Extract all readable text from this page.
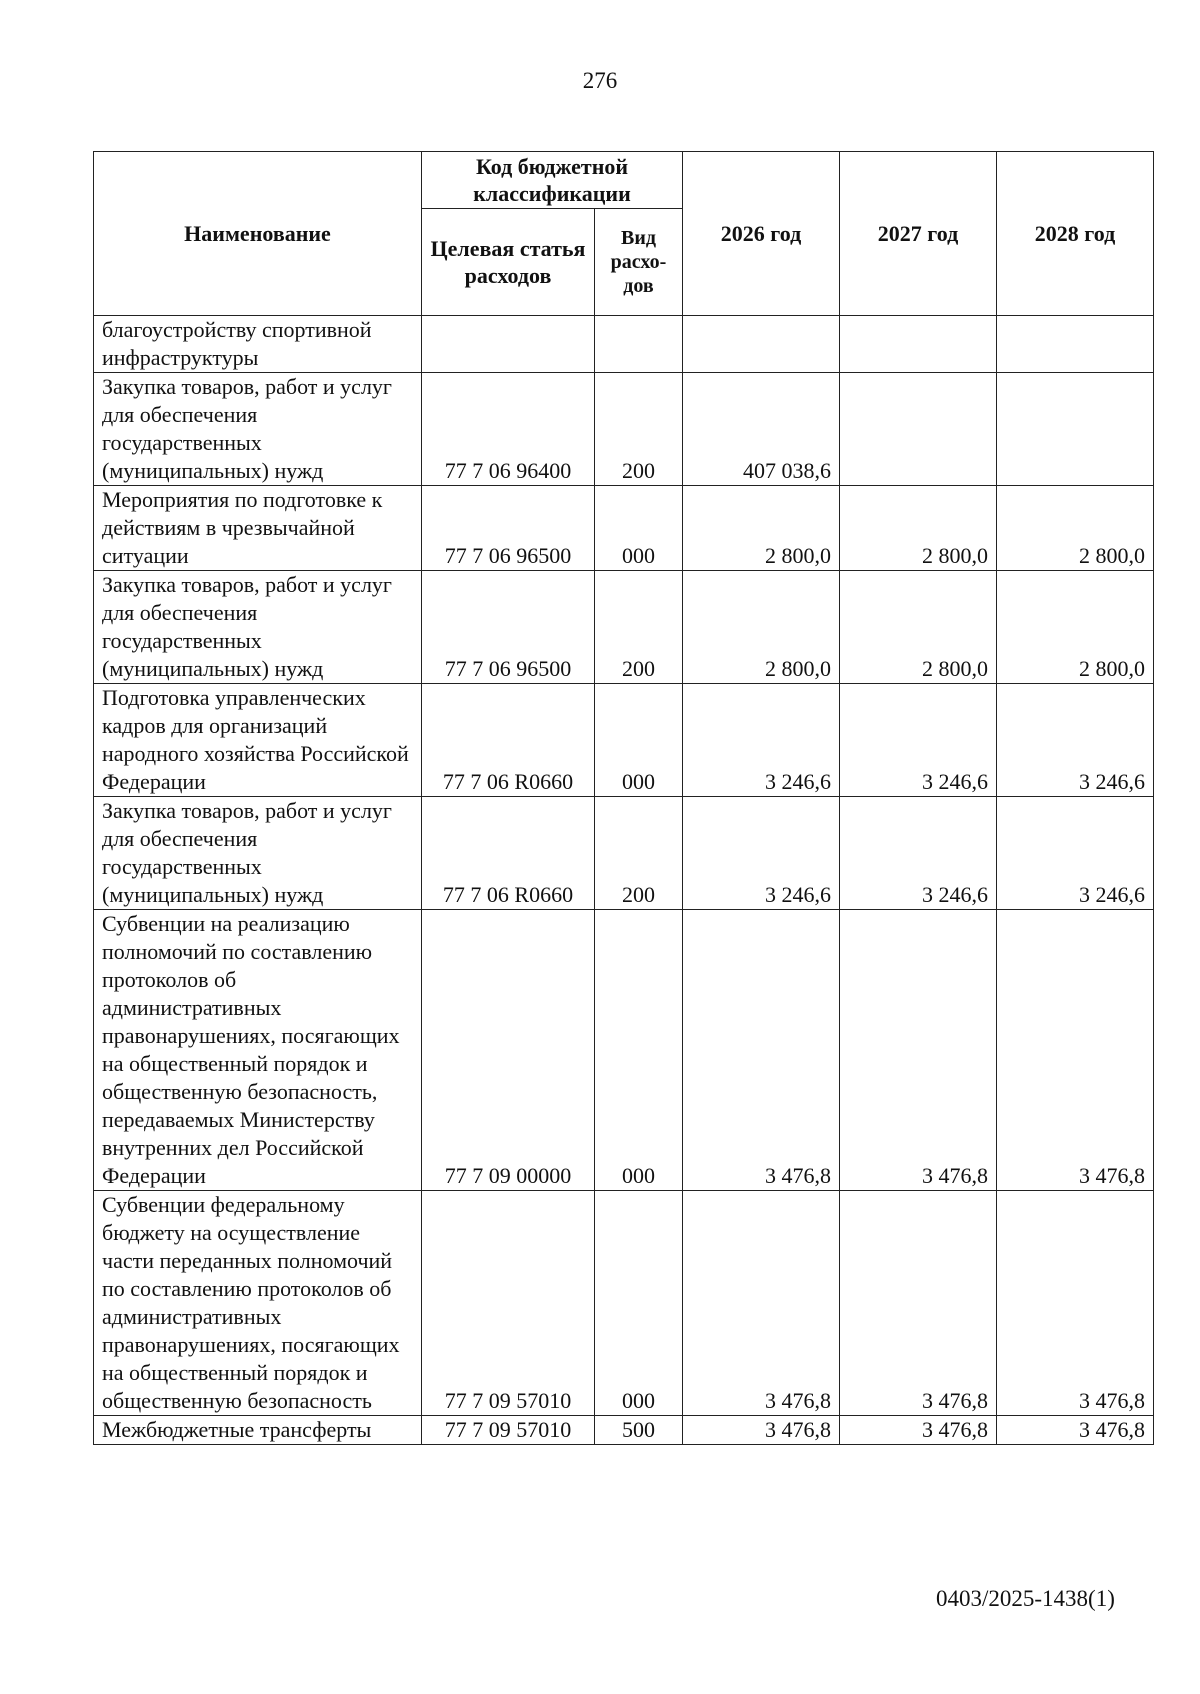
276
Наименование	Код бюджетной классификации		2026 год	2027 год	2028 год
	Целевая статья расходов	Вид расхо-дов			
благоустройству спортивной инфраструктуры					
Закупка товаров, работ и услуг для обеспечения государственных (муниципальных) нужд	77 7 06 96400	200	407 038,6		
Мероприятия по подготовке к действиям в чрезвычайной ситуации	77 7 06 96500	000	2 800,0	2 800,0	2 800,0
Закупка товаров, работ и услуг для обеспечения государственных (муниципальных) нужд	77 7 06 96500	200	2 800,0	2 800,0	2 800,0
Подготовка управленческих кадров для организаций народного хозяйства Российской Федерации	77 7 06 R0660	000	3 246,6	3 246,6	3 246,6
Закупка товаров, работ и услуг для обеспечения государственных (муниципальных) нужд	77 7 06 R0660	200	3 246,6	3 246,6	3 246,6
Субвенции на реализацию полномочий по составлению протоколов об административных правонарушениях, посягающих на общественный порядок и общественную безопасность, передаваемых Министерству внутренних дел Российской Федерации	77 7 09 00000	000	3 476,8	3 476,8	3 476,8
Субвенции федеральному бюджету на осуществление части переданных полномочий по составлению протоколов об административных правонарушениях, посягающих на общественный порядок и общественную безопасность	77 7 09 57010	000	3 476,8	3 476,8	3 476,8
Межбюджетные трансферты	77 7 09 57010	500	3 476,8	3 476,8	3 476,8
0403/2025-1438(1)
